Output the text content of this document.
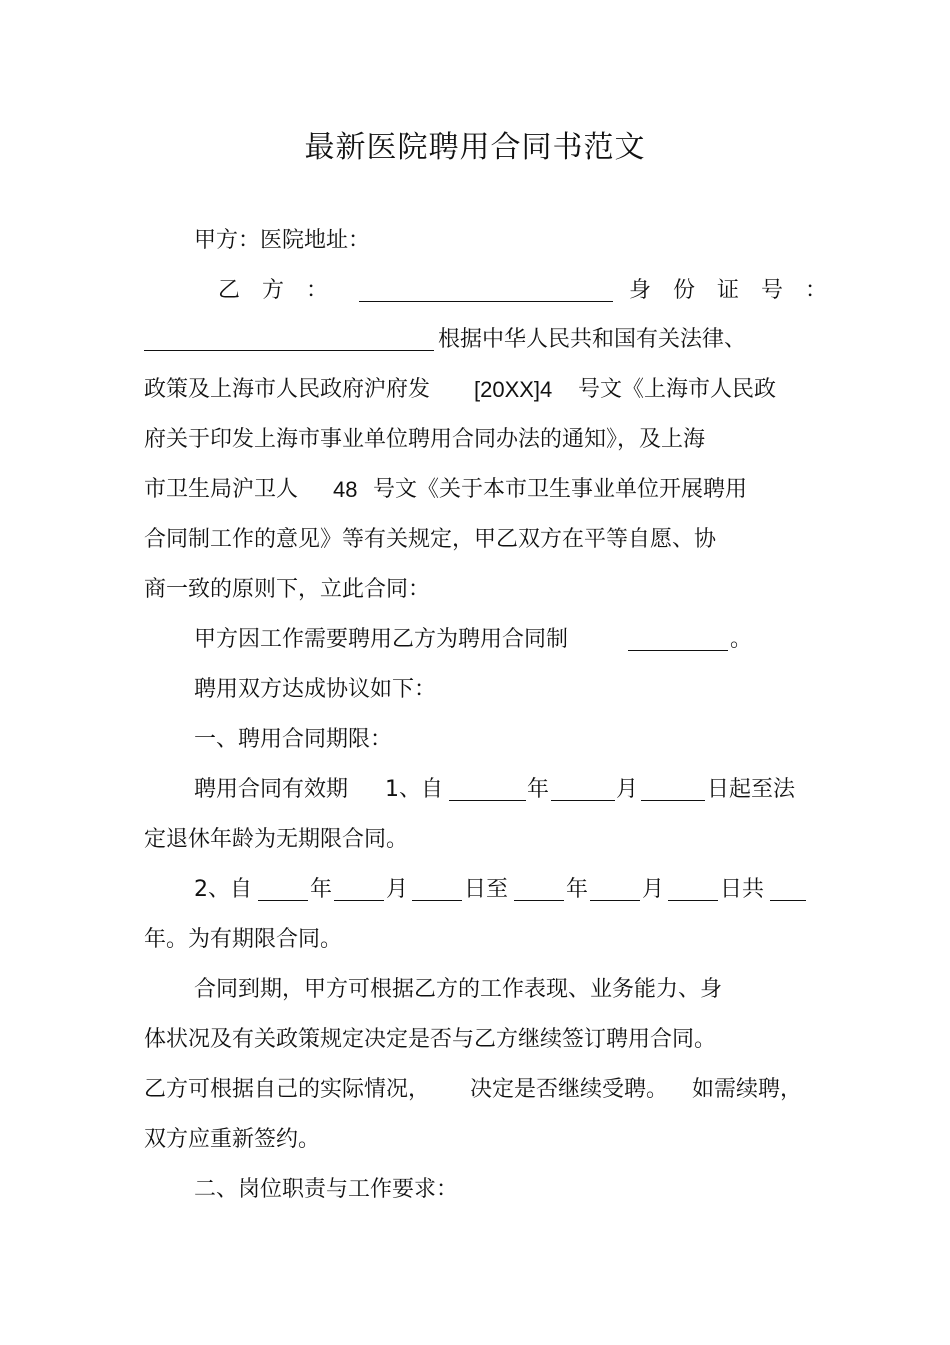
最新医院聘用合同书范文
甲方：医院地址：
乙　方　：	身　份　证　号　：
根据中华人民共和国有关法律、
政策及上海市人民政府沪府发 [20XX]4 号文《上海市人民政
府关于印发上海市事业单位聘用合同办法的通知》，及上海
市卫生局沪卫人 48 号文《关于本市卫生事业单位开展聘用
合同制工作的意见》等有关规定，甲乙双方在平等自愿、协
商一致的原则下，立此合同：
甲方因工作需要聘用乙方为聘用合同制	。
聘用双方达成协议如下：
一、聘用合同期限：
聘用合同有效期 1、自	年	月	日起至法
定退休年龄为无期限合同。
2、自	年 月	日至	年 月	日共
年。为有期限合同。
合同到期，甲方可根据乙方的工作表现、业务能力、身
体状况及有关政策规定决定是否与乙方继续签订聘用合同。
乙方可根据自己的实际情况， 决定是否继续受聘。 如需续聘，
双方应重新签约。
二、岗位职责与工作要求：
